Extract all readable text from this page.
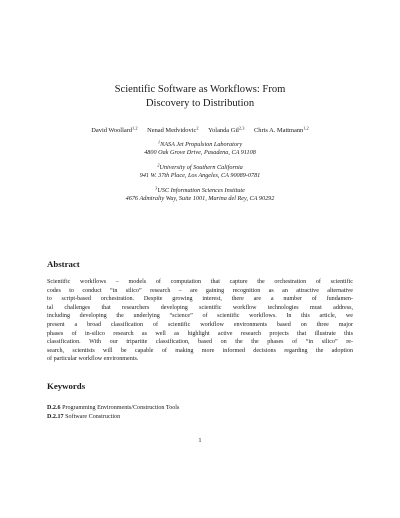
Scientific Software as Workflows: From
Discovery to Distribution
David Woollard$^{1,2}$ Nenad Medvidovic$^2$ Yolanda Gil$^{2,3}$ Chris A. Mattmann$^{1,2}$
$^1$NASA Jet Propulsion Laboratory
4800 Oak Grove Drive, Pasadena, CA 91108
$^2$University of Southern California
941 W. 37th Place, Los Angeles, CA 90089-0781
$^3$USC Information Sciences Institute
4676 Admiralty Way, Suite 1001, Marina del Rey, CA 90292
Abstract
Scientific workflows – models of computation that capture the orchestration of scientific
codes to conduct “in silico” research – are gaining recognition as an attractive alternative
to script-based orchestration. Despite growing interest, there are a number of fundamen-
tal challenges that researchers developing scientific workflow technologies must address,
including developing the underlying “science” of scientific workflows. In this article, we
present a broad classification of scientific workflow environments based on three major
phases of in-silico research as well as highlight active research projects that illustrate this
classification. With our tripartite classification, based on the the phases of “in silico” re-
search, scientists will be capable of making more informed decisions regarding the adoption
of particular workflow environments.
Keywords
D.2.6 Programming Environments/Construction Tools
D.2.17 Software Construction
1
